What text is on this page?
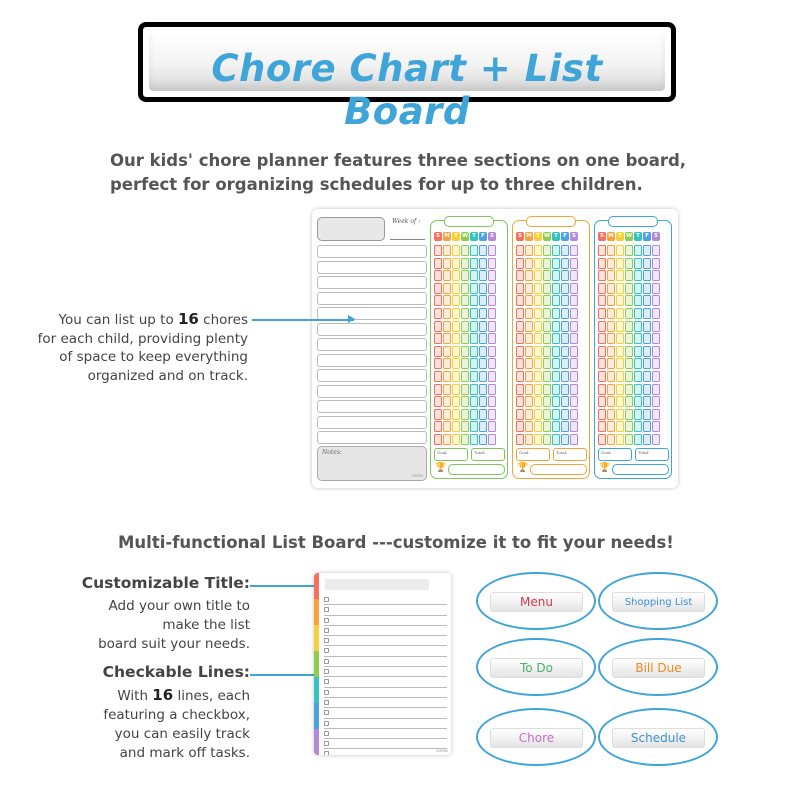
Chore Chart + List Board
Our kids' chore planner features three sections on one board,
perfect for organizing schedules for up to three children.
Week of :
Notes:
ZHIBEI
S M T W T F S
Goal:	Total:
🏆
S M T W T F S
Goal:	Total:
🏆
S M T W T F S
Goal:	Total:
🏆
You can list up to 16 chores
for each child, providing plenty
of space to keep everything
organized and on track.
Multi-functional List Board ---customize it to fit your needs!
Customizable Title:
Add your own title to
make the list
board suit your needs.
Checkable Lines:
With 16 lines, each
featuring a checkbox,
you can easily track
and mark off tasks.	ZHIBEI
Menu	Shopping List
To Do	Bill Due
Chore	Schedule
